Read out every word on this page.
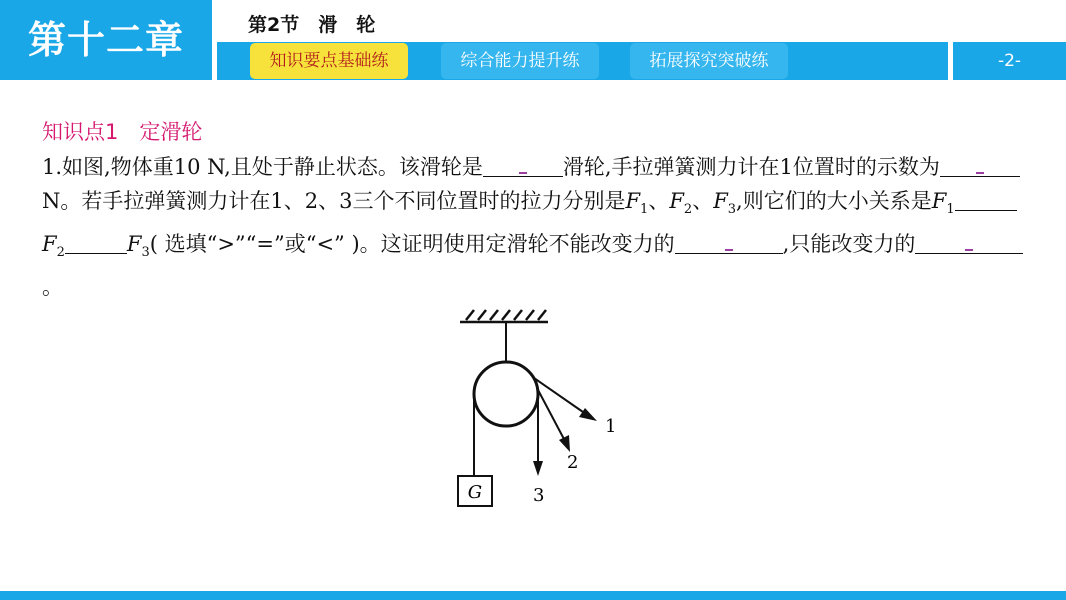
第十二章	第2节　滑　轮
知识要点基础练	综合能力提升练	拓展探究突破练	-2-
知识点1　定滑轮
1.如图,物体重10 N,且处于静止状态。该滑轮是	滑轮,手拉弹簧测力计在1位置时的示数为
N。若手拉弹簧测力计在1、2、3三个不同位置时的拉力分别是$F_1$、$F_2$、$F_3$,则它们的大小关系是$F_1F_2$	$F_3$( 选填“>”“=”或“<” )。这证明使用定滑轮不能改变力的	,只能改变力的
。
G
1
2
3
